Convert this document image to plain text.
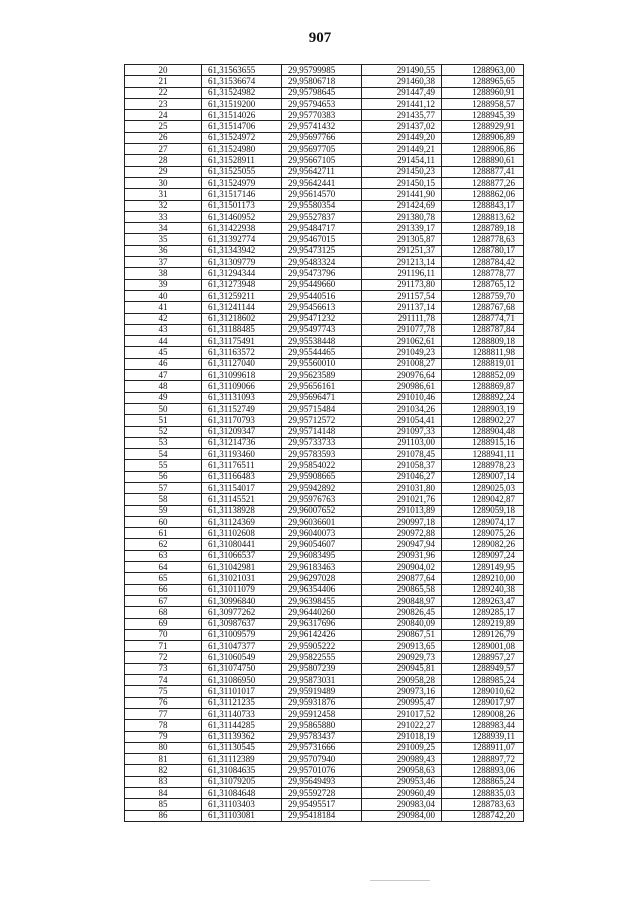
907
20	61,31563655	29,95799985	291490,55	1288963,00
21	61,31536674	29,95806718	291460,38	1288965,65
22	61,31524982	29,95798645	291447,49	1288960,91
23	61,31519200	29,95794653	291441,12	1288958,57
24	61,31514026	29,95770383	291435,77	1288945,39
25	61,31514706	29,95741432	291437,02	1288929,91
26	61,31524972	29,95697766	291449,20	1288906,89
27	61,31524980	29,95697705	291449,21	1288906,86
28	61,31528911	29,95667105	291454,11	1288890,61
29	61,31525055	29,95642711	291450,23	1288877,41
30	61,31524979	29,95642441	291450,15	1288877,26
31	61,31517146	29,95614570	291441,90	1288862,06
32	61,31501173	29,95580354	291424,69	1288843,17
33	61,31460952	29,95527837	291380,78	1288813,62
34	61,31422938	29,95484717	291339,17	1288789,18
35	61,31392774	29,95467015	291305,87	1288778,63
36	61,31343942	29,95473125	291251,37	1288780,17
37	61,31309779	29,95483324	291213,14	1288784,42
38	61,31294344	29,95473796	291196,11	1288778,77
39	61,31273948	29,95449660	291173,80	1288765,12
40	61,31259211	29,95440516	291157,54	1288759,70
41	61,31241144	29,95456613	291137,14	1288767,68
42	61,31218602	29,95471232	291111,78	1288774,71
43	61,31188485	29,95497743	291077,78	1288787,84
44	61,31175491	29,95538448	291062,61	1288809,18
45	61,31163572	29,95544465	291049,23	1288811,98
46	61,31127040	29,95560010	291008,27	1288819,01
47	61,31099618	29,95623589	290976,64	1288852,09
48	61,31109066	29,95656161	290986,61	1288869,87
49	61,31131093	29,95696471	291010,46	1288892,24
50	61,31152749	29,95715484	291034,26	1288903,19
51	61,31170793	29,95712572	291054,41	1288902,27
52	61,31209347	29,95714148	291097,33	1288904,48
53	61,31214736	29,95733733	291103,00	1288915,16
54	61,31193460	29,95783593	291078,45	1288941,11
55	61,31176511	29,95854022	291058,37	1288978,23
56	61,31166483	29,95908665	291046,27	1289007,14
57	61,31154017	29,95942892	291031,80	1289025,03
58	61,31145521	29,95976763	291021,76	1289042,87
59	61,31138928	29,96007652	291013,89	1289059,18
60	61,31124369	29,96036601	290997,18	1289074,17
61	61,31102608	29,96040073	290972,88	1289075,26
62	61,31080441	29,96054607	290947,94	1289082,26
63	61,31066537	29,96083495	290931,96	1289097,24
64	61,31042981	29,96183463	290904,02	1289149,95
65	61,31021031	29,96297028	290877,64	1289210,00
66	61,31011079	29,96354406	290865,58	1289240,38
67	61,30996840	29,96398455	290848,97	1289263,47
68	61,30977262	29,96440260	290826,45	1289285,17
69	61,30987637	29,96317696	290840,09	1289219,89
70	61,31009579	29,96142426	290867,51	1289126,79
71	61,31047377	29,95905222	290913,65	1289001,08
72	61,31060549	29,95822555	290929,73	1288957,27
73	61,31074750	29,95807239	290945,81	1288949,57
74	61,31086950	29,95873031	290958,28	1288985,24
75	61,31101017	29,95919489	290973,16	1289010,62
76	61,31121235	29,95931876	290995,47	1289017,97
77	61,31140733	29,95912458	291017,52	1289008,26
78	61,31144285	29,95865880	291022,27	1288983,44
79	61,31139362	29,95783437	291018,19	1288939,11
80	61,31130545	29,95731666	291009,25	1288911,07
81	61,31112389	29,95707940	290989,43	1288897,72
82	61,31084635	29,95701076	290958,63	1288893,06
83	61,31079205	29,95649493	290953,46	1288865,24
84	61,31084648	29,95592728	290960,49	1288835,03
85	61,31103403	29,95495517	290983,04	1288783,63
86	61,31103081	29,95418184	290984,00	1288742,20
